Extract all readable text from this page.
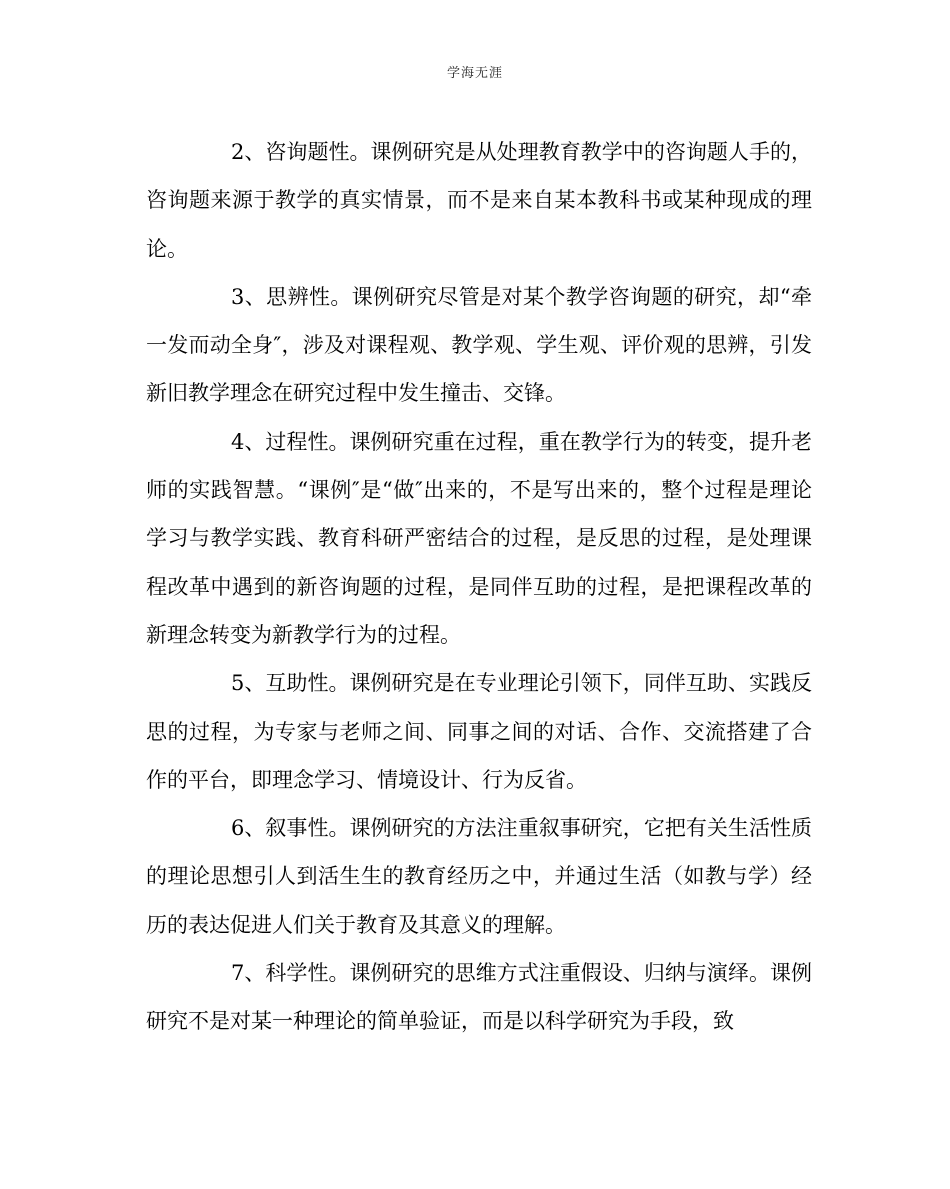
学海无涯

2、咨询题性。课例研究是从处理教育教学中的咨询题人手的，咨询题来源于教学的真实情景，而不是来自某本教科书或某种现成的理论。

3、思辨性。课例研究尽管是对某个教学咨询题的研究，却“牵一发而动全身″，涉及对课程观、教学观、学生观、评价观的思辨，引发新旧教学理念在研究过程中发生撞击、交锋。

4、过程性。课例研究重在过程，重在教学行为的转变，提升老师的实践智慧。“课例″是“做″出来的，不是写出来的，整个过程是理论学习与教学实践、教育科研严密结合的过程，是反思的过程，是处理课程改革中遇到的新咨询题的过程，是同伴互助的过程，是把课程改革的新理念转变为新教学行为的过程。

5、互助性。课例研究是在专业理论引领下，同伴互助、实践反思的过程，为专家与老师之间、同事之间的对话、合作、交流搭建了合作的平台，即理念学习、情境设计、行为反省。

6、叙事性。课例研究的方法注重叙事研究，它把有关生活性质的理论思想引人到活生生的教育经历之中，并通过生活（如教与学）经历的表达促进人们关于教育及其意义的理解。

7、科学性。课例研究的思维方式注重假设、归纳与演绎。课例研究不是对某一种理论的简单验证，而是以科学研究为手段，致
